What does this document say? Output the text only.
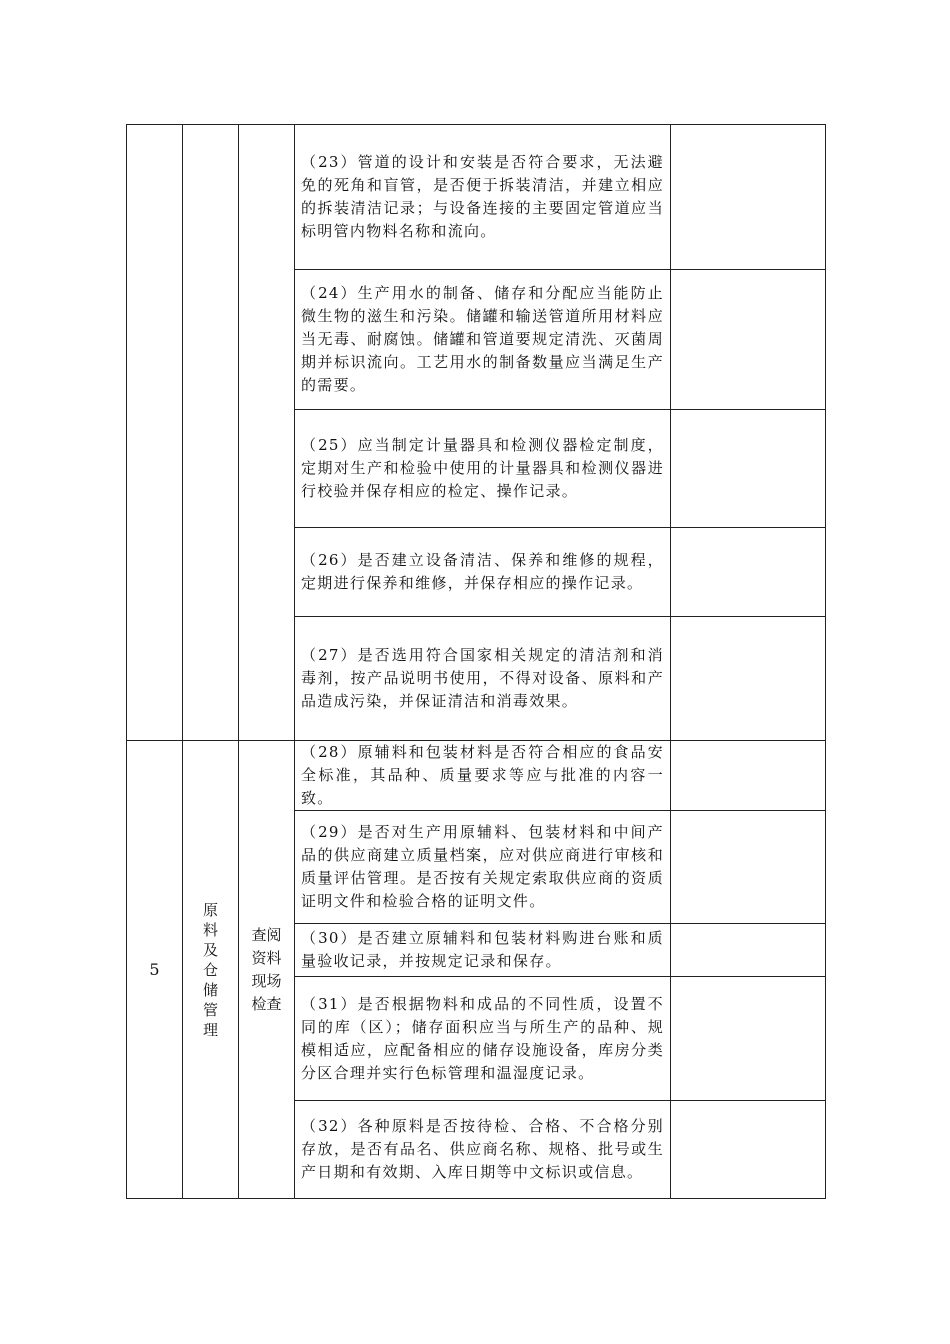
			（23）管道的设计和安装是否符合要求，无法避免的死角和盲管，是否便于拆装清洁，并建立相应的拆装清洁记录；与设备连接的主要固定管道应当标明管内物料名称和流向。	
			（24）生产用水的制备、储存和分配应当能防止微生物的滋生和污染。储罐和输送管道所用材料应当无毒、耐腐蚀。储罐和管道要规定清洗、灭菌周期并标识流向。工艺用水的制备数量应当满足生产的需要。	
			（25）应当制定计量器具和检测仪器检定制度，定期对生产和检验中使用的计量器具和检测仪器进行校验并保存相应的检定、操作记录。	
			（26）是否建立设备清洁、保养和维修的规程，定期进行保养和维修，并保存相应的操作记录。	
			（27）是否选用符合国家相关规定的清洁剂和消毒剂，按产品说明书使用，不得对设备、原料和产品造成污染，并保证清洁和消毒效果。	
5	原料及仓储管理	查阅资料现场检查	（28）原辅料和包装材料是否符合相应的食品安全标准，其品种、质量要求等应与批准的内容一致。	
			（29）是否对生产用原辅料、包装材料和中间产品的供应商建立质量档案，应对供应商进行审核和质量评估管理。是否按有关规定索取供应商的资质证明文件和检验合格的证明文件。	
			（30）是否建立原辅料和包装材料购进台账和质量验收记录，并按规定记录和保存。	
			（31）是否根据物料和成品的不同性质，设置不同的库（区）；储存面积应当与所生产的品种、规模相适应，应配备相应的储存设施设备，库房分类分区合理并实行色标管理和温湿度记录。	
			（32）各种原料是否按待检、合格、不合格分别存放，是否有品名、供应商名称、规格、批号或生产日期和有效期、入库日期等中文标识或信息。	
